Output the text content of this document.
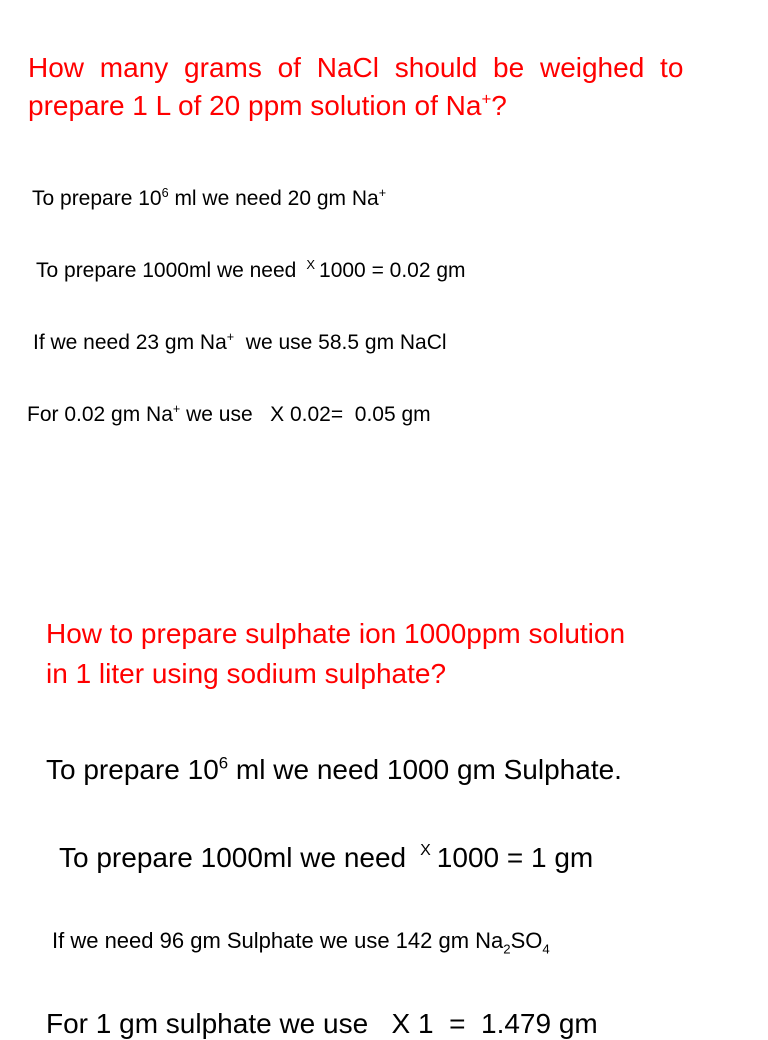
How many grams of NaCl should be weighed to
prepare 1 L of 20 ppm solution of Na+?
To prepare $10^6$ ml we need 20 gm Na+
To prepare 1000ml we need $^X$ 1000 = 0.02 gm
If we need 23 gm Na+  we use 58.5 gm NaCl
For 0.02 gm Na+ we use   X 0.02=  0.05 gm
How to prepare sulphate ion 1000ppm solution
in 1 liter using sodium sulphate?
To prepare $10^6$ ml we need 1000 gm Sulphate.
To prepare 1000ml we need $^X$ 1000 = 1 gm
If we need 96 gm Sulphate we use 142 gm $Na_2SO_4$
For 1 gm sulphate we use   X 1  =  1.479 gm
